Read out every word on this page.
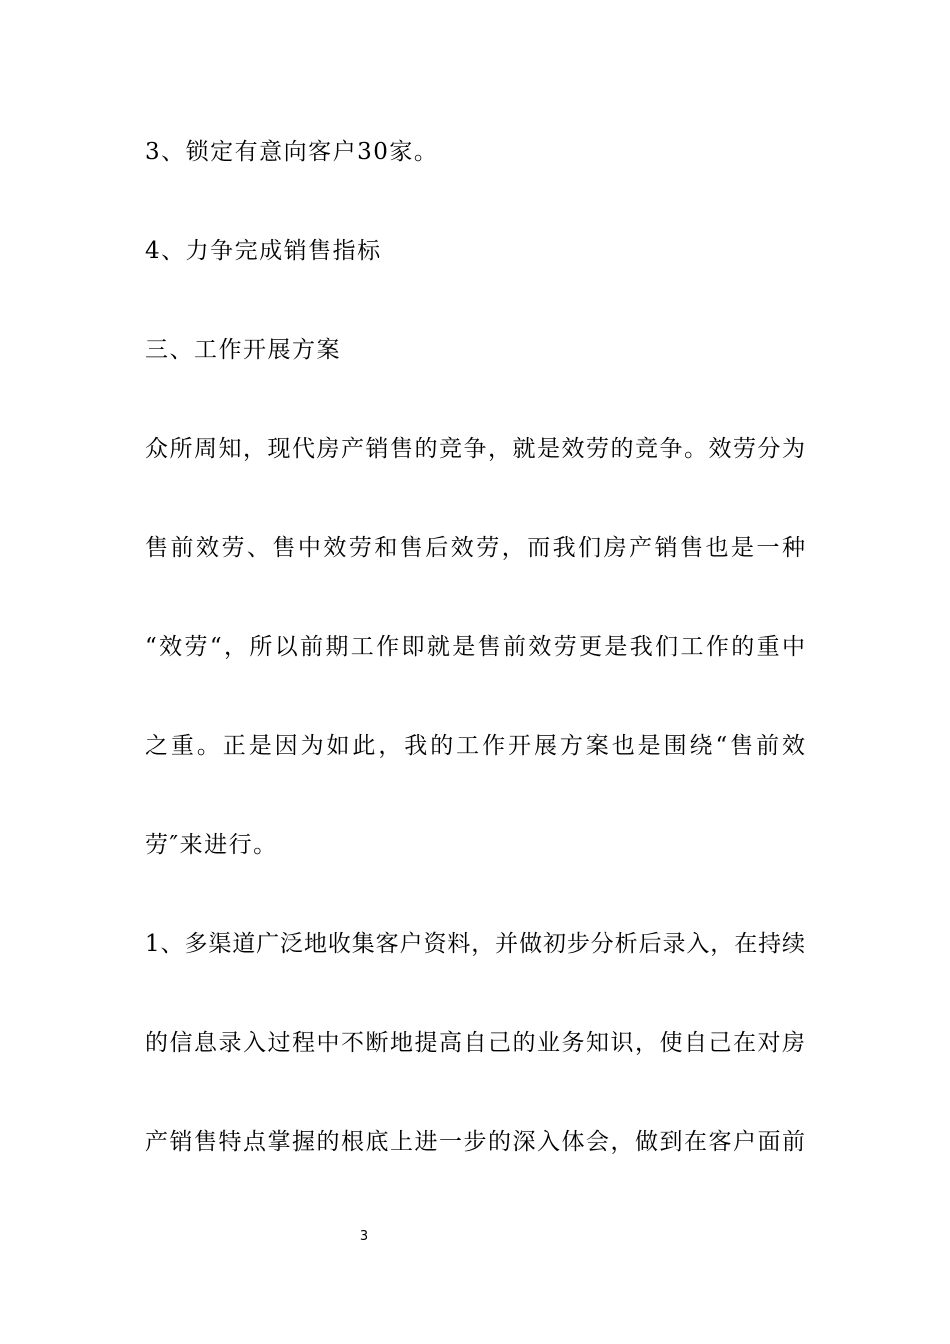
3、锁定有意向客户30家。
4、力争完成销售指标
三、工作开展方案
众所周知，现代房产销售的竞争，就是效劳的竞争。效劳分为
售前效劳、售中效劳和售后效劳，而我们房产销售也是一种
“效劳“，所以前期工作即就是售前效劳更是我们工作的重中
之重。正是因为如此，我的工作开展方案也是围绕“售前效
劳″来进行。
1、多渠道广泛地收集客户资料，并做初步分析后录入，在持续
的信息录入过程中不断地提高自己的业务知识，使自己在对房
产销售特点掌握的根底上进一步的深入体会，做到在客户面前
3
